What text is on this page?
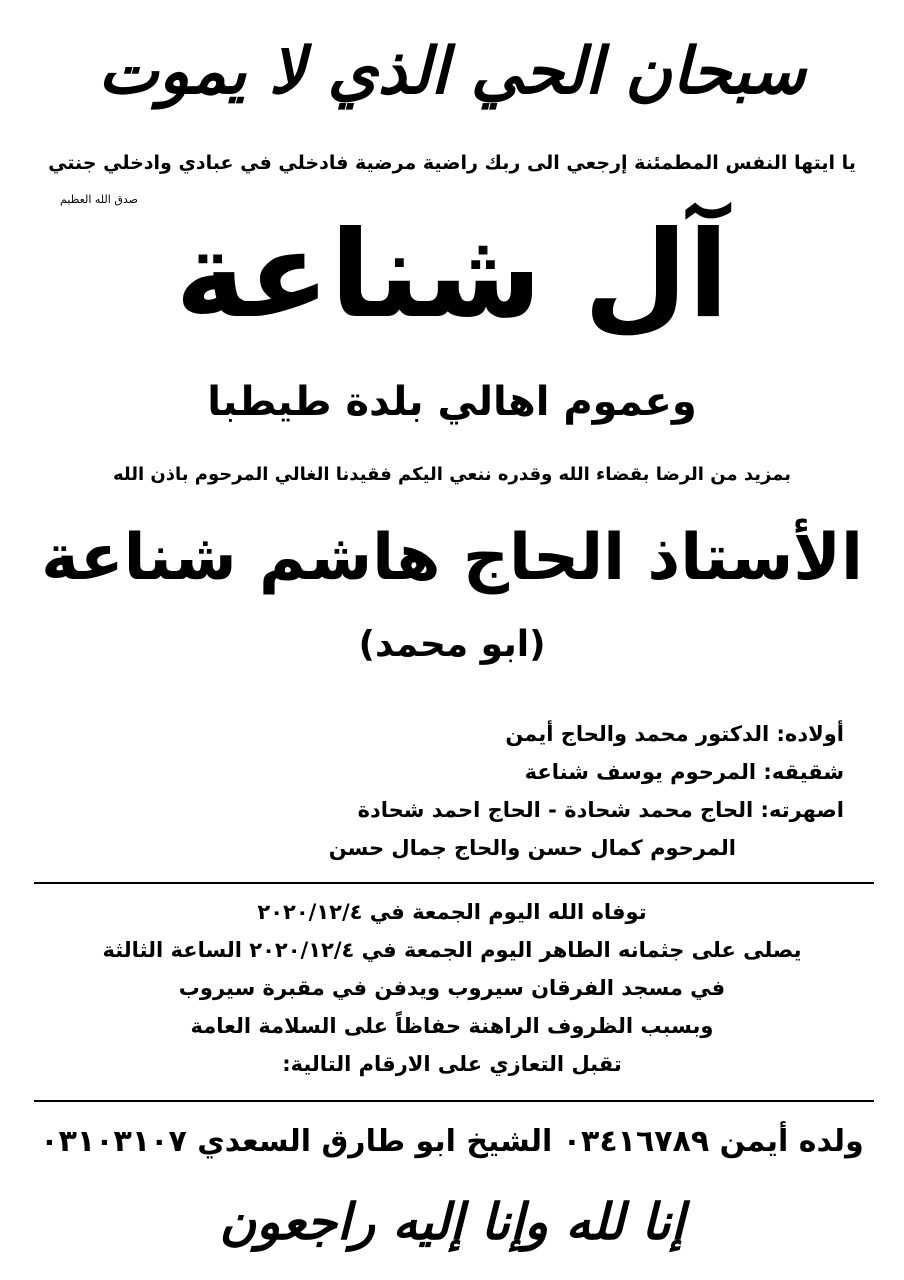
سبحان الحي الذي لا يموت
يا ايتها النفس المطمئنة إرجعي الى ربك راضية مرضية فادخلي في عبادي وادخلي جنتي
صدق الله العظيم
آل شناعة
وعموم اهالي بلدة طيطبا
بمزيد من الرضا بقضاء الله وقدره ننعي اليكم فقيدنا الغالي المرحوم باذن الله
الأستاذ الحاج هاشم شناعة
(ابو محمد)
أولاده: الدكتور محمد والحاج أيمن
شقيقه: المرحوم يوسف شناعة
اصهرته: الحاج محمد شحادة - الحاج احمد شحادة
المرحوم كمال حسن والحاج جمال حسن
توفاه الله اليوم الجمعة في ٢٠٢٠/١٢/٤
يصلى على جثمانه الطاهر اليوم الجمعة في ٢٠٢٠/١٢/٤ الساعة الثالثة
في مسجد الفرقان سيروب ويدفن في مقبرة سيروب
وبسبب الظروف الراهنة حفاظاً على السلامة العامة
تقبل التعازي على الارقام التالية:
ولده أيمن ٠٣٤١٦٧٨٩ الشيخ ابو طارق السعدي ٠٣١٠٣١٠٧
إنا لله وإنا إليه راجعون
